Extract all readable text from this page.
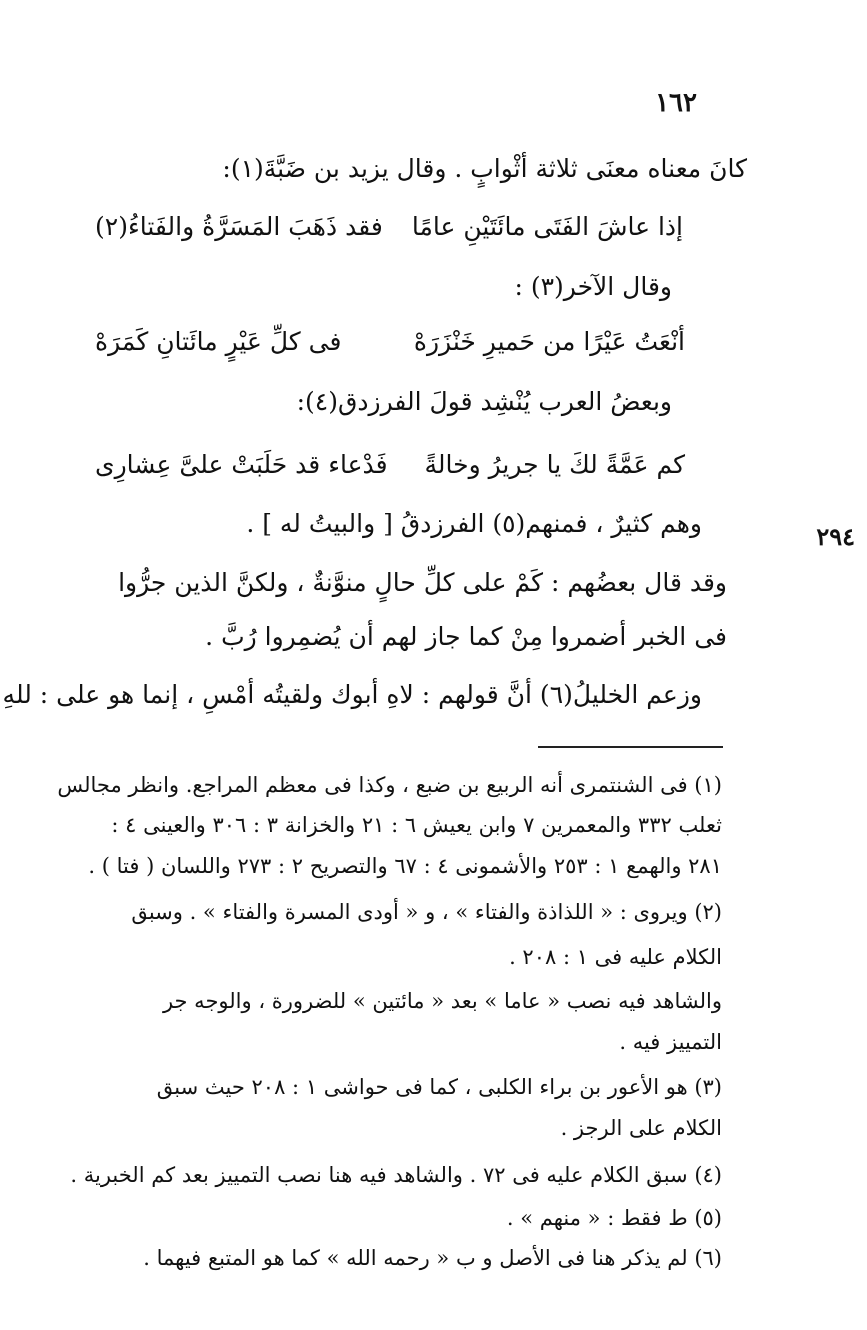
١٦٢
٢٩٤
كانَ معناه معنَى ثلاثة أثْوابٍ . وقال يزيد بن ضَبَّةَ(١):
إذا عاشَ الفَتَى مائَتَيْنِ عامًا
فقد ذَهَبَ المَسَرَّةُ والفَتاءُ(٢)
وقال الآخر(٣) :
أنْعَتُ عَيْرًا من حَميرِ خَنْزَرَهْ
فى كلِّ عَيْرٍ مائَتانِ كَمَرَهْ
وبعضُ العرب يُنْشِد قولَ الفرزدق(٤):
كم عَمَّةً لكَ يا جريرُ وخالةً
فَدْعاء قد حَلَبَتْ علىَّ عِشارِى
وهم كثيرٌ ، فمنهم(٥) الفرزدقُ [ والبيتُ له ] .
وقد قال بعضُهم : كَمْ على كلِّ حالٍ منوَّنةٌ ، ولكنَّ الذين جرُّوا
فى الخبر أضمروا مِنْ كما جاز لهم أن يُضمِروا رُبَّ .
وزعم الخليلُ(٦) أنَّ قولهم : لاهِ أبوك ولقيتُه أمْسِ ، إنما هو على : للهِ
(١) فى الشنتمرى أنه الربيع بن ضبع ، وكذا فى معظم المراجع. وانظر مجالس
ثعلب ٣٣٢ والمعمرين ٧ وابن يعيش ٦ : ٢١ والخزانة ٣ : ٣٠٦ والعينى ٤ :
٢٨١ والهمع ١ : ٢٥٣ والأشمونى ٤ : ٦٧ والتصريح ٢ : ٢٧٣ واللسان ( فتا ) .
(٢) ويروى : « اللذاذة والفتاء » ، و « أودى المسرة والفتاء » . وسبق
الكلام عليه فى ١ : ٢٠٨ .
والشاهد فيه نصب « عاما » بعد « مائتين » للضرورة ، والوجه جر
التمييز فيه .
(٣) هو الأعور بن براء الكلبى ، كما فى حواشى ١ : ٢٠٨ حيث سبق
الكلام على الرجز .
(٤) سبق الكلام عليه فى ٧٢ . والشاهد فيه هنا نصب التمييز بعد كم الخبرية .
(٥) ط فقط : « منهم » .
(٦) لم يذكر هنا فى الأصل و ب « رحمه الله » كما هو المتبع فيهما .
